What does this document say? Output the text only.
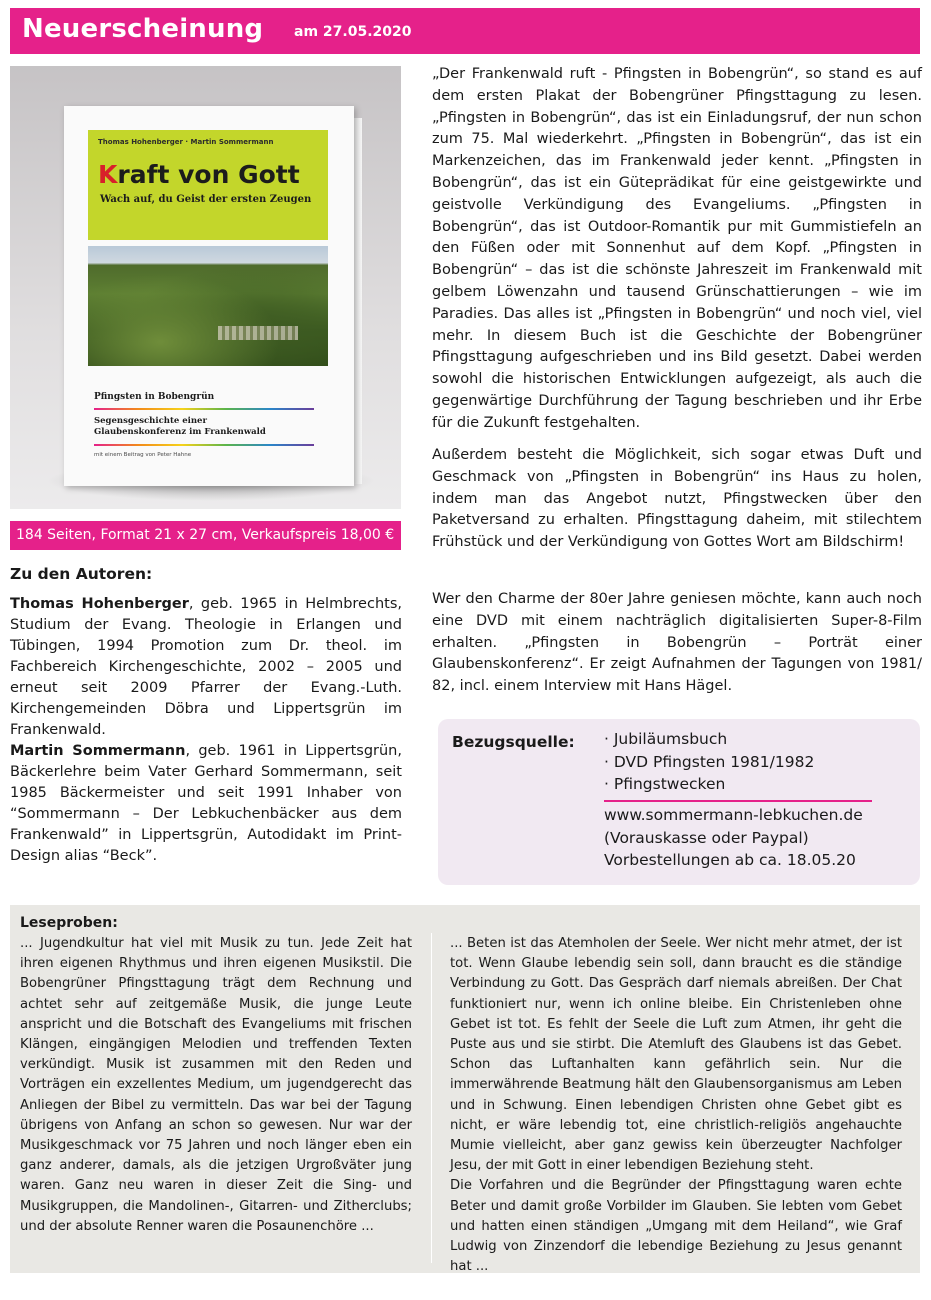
Neuerscheinung am 27.05.2020
Thomas Hohenberger · Martin Sommermann
Kraft von Gott
Wach auf, du Geist der ersten Zeugen
Pfingsten in Bobengrün
Segensgeschichte einer
Glaubenskonferenz im Frankenwald
mit einem Beitrag von Peter Hahne
184 Seiten, Format 21 x 27 cm, Verkaufspreis 18,00 €
Zu den Autoren:
Thomas Hohenberger, geb. 1965 in Helmbrechts, Studium der Evang. Theologie in Erlangen und Tübingen, 1994 Promotion zum Dr. theol. im Fachbereich Kirchengeschichte, 2002 – 2005 und erneut seit 2009 Pfarrer der Evang.-Luth. Kirchengemeinden Döbra und Lippertsgrün im Frankenwald.
Martin Sommermann, geb. 1961 in Lippertsgrün, Bäckerlehre beim Vater Gerhard Sommermann, seit 1985 Bäckermeister und seit 1991 Inhaber von “Sommermann – Der Lebkuchenbäcker aus dem Frankenwald” in Lippertsgrün, Autodidakt im Print-Design alias “Beck”.
„Der Frankenwald ruft - Pfingsten in Bobengrün“, so stand es auf dem ersten Plakat der Bobengrüner Pfingsttagung zu lesen. „Pfingsten in Bobengrün“, das ist ein Einladungsruf, der nun schon zum 75. Mal wiederkehrt. „Pfingsten in Bobengrün“, das ist ein Markenzeichen, das im Frankenwald jeder kennt. „Pfingsten in Bobengrün“, das ist ein Güteprädikat für eine geistgewirkte und geistvolle Verkündigung des Evangeliums. „Pfingsten in Bobengrün“, das ist Outdoor-Romantik pur mit Gummistiefeln an den Füßen oder mit Sonnenhut auf dem Kopf. „Pfingsten in Bobengrün“ – das ist die schönste Jahreszeit im Frankenwald mit gelbem Löwenzahn und tausend Grünschattierungen – wie im Paradies. Das alles ist „Pfingsten in Bobengrün“ und noch viel, viel mehr. In diesem Buch ist die Geschichte der Bobengrüner Pfingsttagung aufgeschrieben und ins Bild gesetzt. Dabei werden sowohl die historischen Entwicklungen aufgezeigt, als auch die gegenwärtige Durchführung der Tagung beschrieben und ihr Erbe für die Zukunft festgehalten.
Außerdem besteht die Möglichkeit, sich sogar etwas Duft und Geschmack von „Pfingsten in Bobengrün“ ins Haus zu holen, indem man das Angebot nutzt, Pfingstwecken über den Paketversand zu erhalten. Pfingsttagung daheim, mit stilechtem Frühstück und der Verkündigung von Gottes Wort am Bildschirm!
Wer den Charme der 80er Jahre geniesen möchte, kann auch noch eine DVD mit einem nachträglich digitalisierten Super-8-Film erhalten. „Pfingsten in Bobengrün – Porträt einer Glaubenskonferenz“. Er zeigt Aufnahmen der Tagungen von 1981/ 82, incl. einem Interview mit Hans Hägel.
Bezugsquelle: · Jubiläumsbuch
· DVD Pfingsten 1981/1982
· Pfingstwecken
www.sommermann-lebkuchen.de
(Vorauskasse oder Paypal)
Vorbestellungen ab ca. 18.05.20
Leseproben:
... Jugendkultur hat viel mit Musik zu tun. Jede Zeit hat ihren eigenen Rhythmus und ihren eigenen Musikstil. Die Bobengrüner Pfingsttagung trägt dem Rechnung und achtet sehr auf zeitgemäße Musik, die junge Leute anspricht und die Botschaft des Evangeliums mit frischen Klängen, eingängigen Melodien und treffenden Texten verkündigt. Musik ist zusammen mit den Reden und Vorträgen ein exzellentes Medium, um jugendgerecht das Anliegen der Bibel zu vermitteln. Das war bei der Tagung übrigens von Anfang an schon so gewesen. Nur war der Musikgeschmack vor 75 Jahren und noch länger eben ein ganz anderer, damals, als die jetzigen Urgroßväter jung waren. Ganz neu waren in dieser Zeit die Sing- und Musikgruppen, die Mandolinen-, Gitarren- und Zitherclubs; und der absolute Renner waren die Posaunenchöre ...
... Beten ist das Atemholen der Seele. Wer nicht mehr atmet, der ist tot. Wenn Glaube lebendig sein soll, dann braucht es die ständige Verbindung zu Gott. Das Gespräch darf niemals abreißen. Der Chat funktioniert nur, wenn ich online bleibe. Ein Christenleben ohne Gebet ist tot. Es fehlt der Seele die Luft zum Atmen, ihr geht die Puste aus und sie stirbt. Die Atemluft des Glaubens ist das Gebet. Schon das Luftanhalten kann gefährlich sein. Nur die immerwährende Beatmung hält den Glaubensorganismus am Leben und in Schwung. Einen lebendigen Christen ohne Gebet gibt es nicht, er wäre lebendig tot, eine christlich-religiös angehauchte Mumie vielleicht, aber ganz gewiss kein überzeugter Nachfolger Jesu, der mit Gott in einer lebendigen Beziehung steht.
Die Vorfahren und die Begründer der Pfingsttagung waren echte Beter und damit große Vorbilder im Glauben. Sie lebten vom Gebet und hatten einen ständigen „Umgang mit dem Heiland“, wie Graf Ludwig von Zinzendorf die lebendige Beziehung zu Jesus genannt hat ...
